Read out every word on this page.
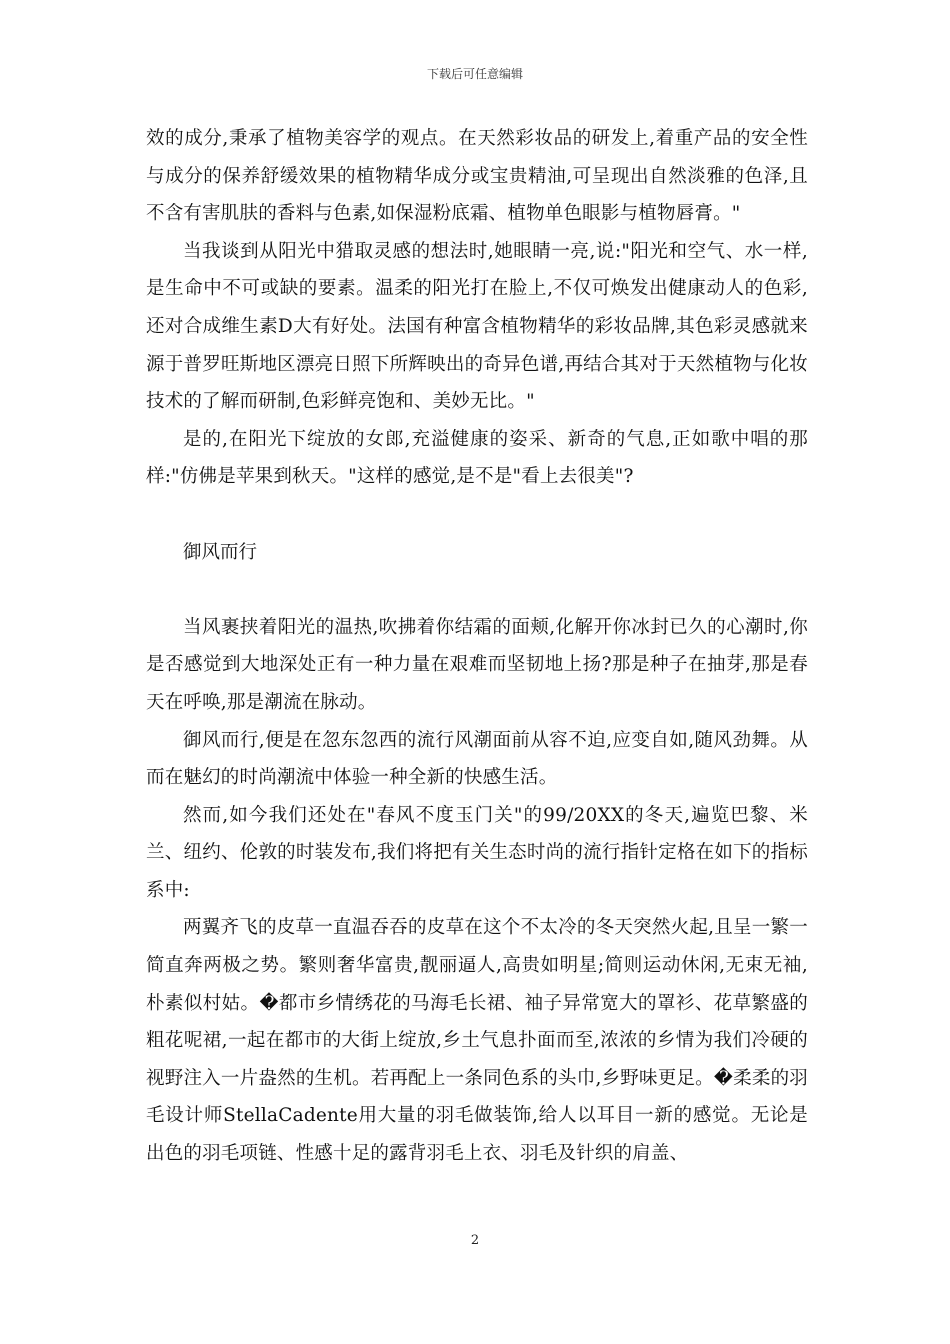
下载后可任意编辑

效的成分,秉承了植物美容学的观点。在天然彩妆品的研发上,着重产品的安全性与成分的保养舒缓效果的植物精华成分或宝贵精油,可呈现出自然淡雅的色泽,且不含有害肌肤的香料与色素,如保湿粉底霜、植物单色眼影与植物唇膏。"

当我谈到从阳光中猎取灵感的想法时,她眼睛一亮,说:"阳光和空气、水一样,是生命中不可或缺的要素。温柔的阳光打在脸上,不仅可焕发出健康动人的色彩,还对合成维生素D大有好处。法国有种富含植物精华的彩妆品牌,其色彩灵感就来源于普罗旺斯地区漂亮日照下所辉映出的奇异色谱,再结合其对于天然植物与化妆技术的了解而研制,色彩鲜亮饱和、美妙无比。"

是的,在阳光下绽放的女郎,充溢健康的姿采、新奇的气息,正如歌中唱的那样:"仿佛是苹果到秋天。"这样的感觉,是不是"看上去很美"?

御风而行

当风裹挟着阳光的温热,吹拂着你结霜的面颊,化解开你冰封已久的心潮时,你是否感觉到大地深处正有一种力量在艰难而坚韧地上扬?那是种子在抽芽,那是春天在呼唤,那是潮流在脉动。

御风而行,便是在忽东忽西的流行风潮面前从容不迫,应变自如,随风劲舞。从而在魅幻的时尚潮流中体验一种全新的快感生活。

然而,如今我们还处在"春风不度玉门关"的99/20XX的冬天,遍览巴黎、米兰、纽约、伦敦的时装发布,我们将把有关生态时尚的流行指针定格在如下的指标系中:

两翼齐飞的皮草一直温吞吞的皮草在这个不太冷的冬天突然火起,且呈一繁一简直奔两极之势。繁则奢华富贵,靓丽逼人,高贵如明星;简则运动休闲,无束无袖,朴素似村姑。�都市乡情绣花的马海毛长裙、袖子异常宽大的罩衫、花草繁盛的粗花呢裙,一起在都市的大街上绽放,乡土气息扑面而至,浓浓的乡情为我们冷硬的视野注入一片盎然的生机。若再配上一条同色系的头巾,乡野味更足。�柔柔的羽毛设计师StellaCadente用大量的羽毛做装饰,给人以耳目一新的感觉。无论是出色的羽毛项链、性感十足的露背羽毛上衣、羽毛及针织的肩盖、

2
